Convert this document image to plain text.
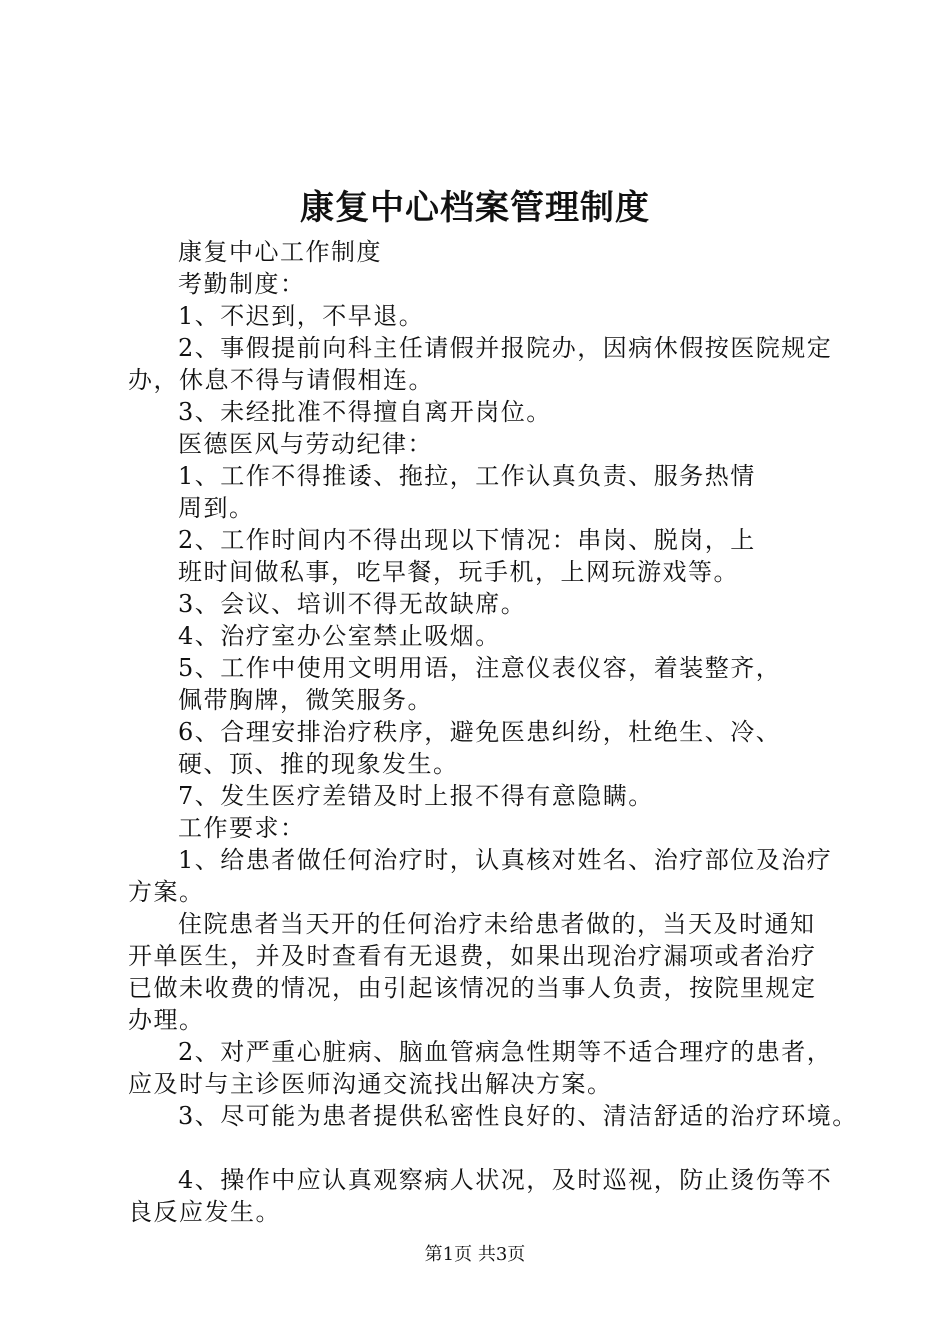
康复中心档案管理制度

康复中心工作制度

考勤制度：

1、不迟到，不早退。

2、事假提前向科主任请假并报院办，因病休假按医院规定

办，休息不得与请假相连。

3、未经批准不得擅自离开岗位。

医德医风与劳动纪律：

1、工作不得推诿、拖拉，工作认真负责、服务热情

周到。

2、工作时间内不得出现以下情况：串岗、脱岗，上

班时间做私事，吃早餐，玩手机，上网玩游戏等。

3、会议、培训不得无故缺席。

4、治疗室办公室禁止吸烟。

5、工作中使用文明用语，注意仪表仪容，着装整齐，

佩带胸牌，微笑服务。

6、合理安排治疗秩序，避免医患纠纷，杜绝生、冷、

硬、顶、推的现象发生。

7、发生医疗差错及时上报不得有意隐瞒。

工作要求：

1、给患者做任何治疗时，认真核对姓名、治疗部位及治疗

方案。

住院患者当天开的任何治疗未给患者做的，当天及时通知

开单医生，并及时查看有无退费，如果出现治疗漏项或者治疗

已做未收费的情况，由引起该情况的当事人负责，按院里规定

办理。

2、对严重心脏病、脑血管病急性期等不适合理疗的患者，

应及时与主诊医师沟通交流找出解决方案。

3、尽可能为患者提供私密性良好的、清洁舒适的治疗环境。

4、操作中应认真观察病人状况，及时巡视，防止烫伤等不

良反应发生。

第1页 共3页
